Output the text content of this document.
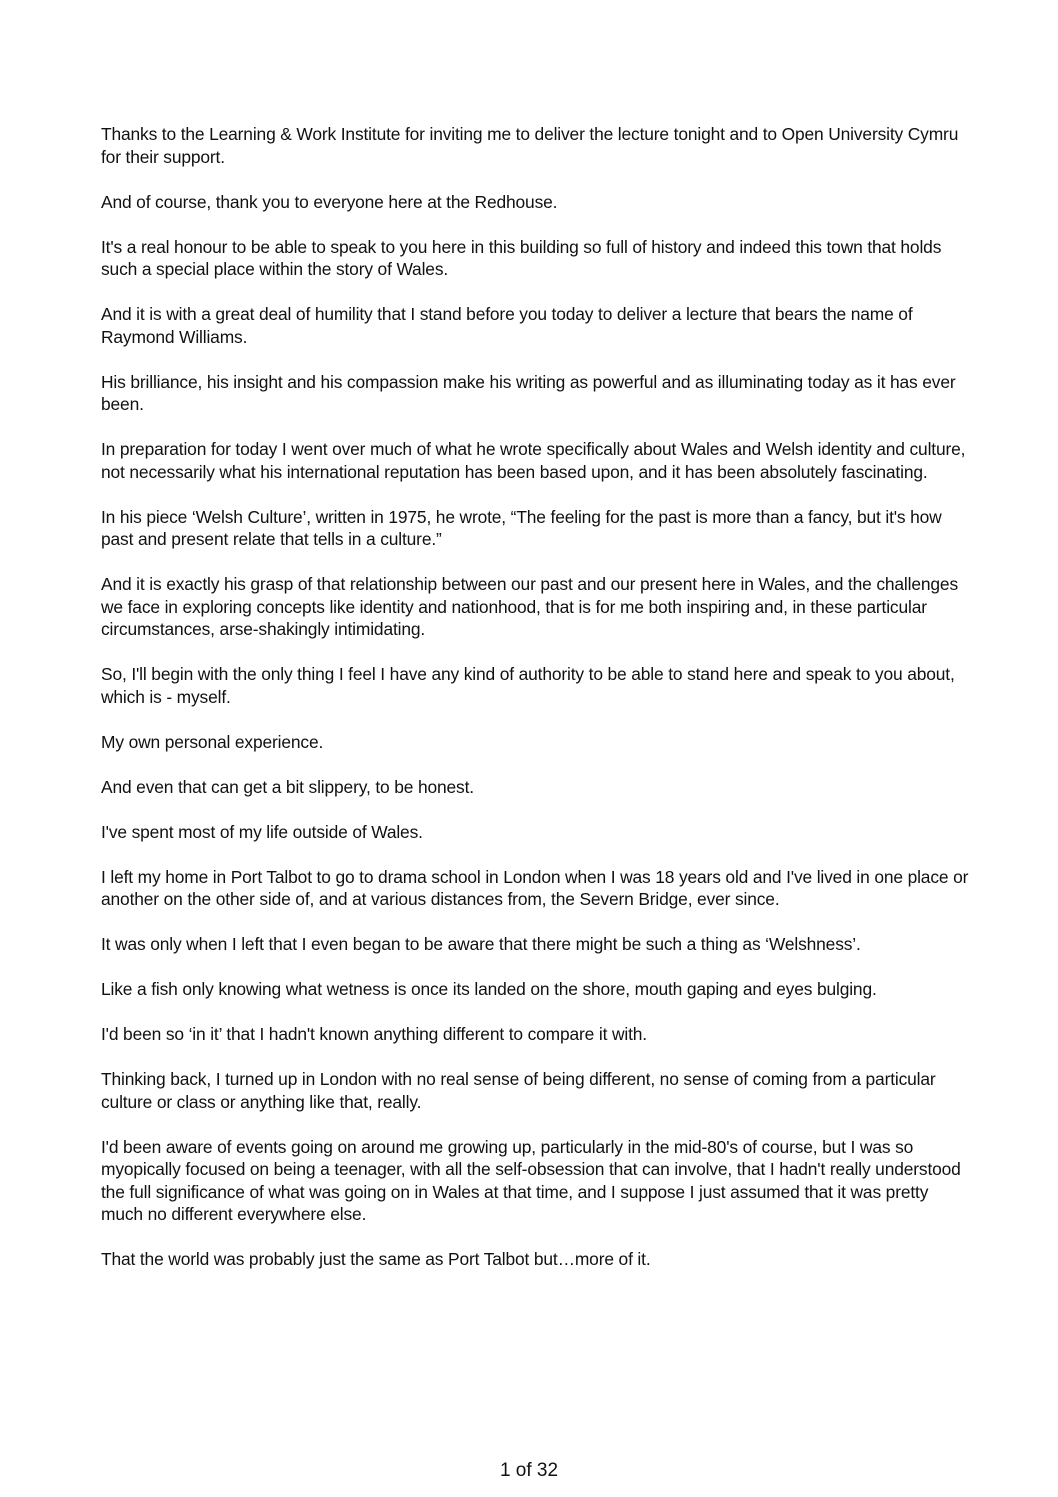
Thanks to the Learning & Work Institute for inviting me to deliver the lecture tonight and to Open University Cymru for their support.

And of course, thank you to everyone here at the Redhouse.

It's a real honour to be able to speak to you here in this building so full of history and indeed this town that holds such a special place within the story of Wales.

And it is with a great deal of humility that I stand before you today to deliver a lecture that bears the name of Raymond Williams.

His brilliance, his insight and his compassion make his writing as powerful and as illuminating today as it has ever been.

In preparation for today I went over much of what he wrote specifically about Wales and Welsh identity and culture, not necessarily what his international reputation has been based upon, and it has been absolutely fascinating.

In his piece ‘Welsh Culture’, written in 1975, he wrote, “The feeling for the past is more than a fancy, but it's how past and present relate that tells in a culture.”

And it is exactly his grasp of that relationship between our past and our present here in Wales, and the challenges we face in exploring concepts like identity and nationhood, that is for me both inspiring and, in these particular circumstances, arse-shakingly intimidating.

So, I'll begin with the only thing I feel I have any kind of authority to be able to stand here and speak to you about, which is - myself.

My own personal experience.

And even that can get a bit slippery, to be honest.

I've spent most of my life outside of Wales.

I left my home in Port Talbot to go to drama school in London when I was 18 years old and I've lived in one place or another on the other side of, and at various distances from, the Severn Bridge, ever since.

It was only when I left that I even began to be aware that there might be such a thing as ‘Welshness’.

Like a fish only knowing what wetness is once its landed on the shore, mouth gaping and eyes bulging.

I'd been so ‘in it’ that I hadn't known anything different to compare it with.

Thinking back, I turned up in London with no real sense of being different, no sense of coming from a particular culture or class or anything like that, really.

I'd been aware of events going on around me growing up, particularly in the mid-80's of course, but I was so myopically focused on being a teenager, with all the self-obsession that can involve, that I hadn't really understood the full significance of what was going on in Wales at that time, and I suppose I just assumed that it was pretty much no different everywhere else.

That the world was probably just the same as Port Talbot but…more of it.

1 of 32
